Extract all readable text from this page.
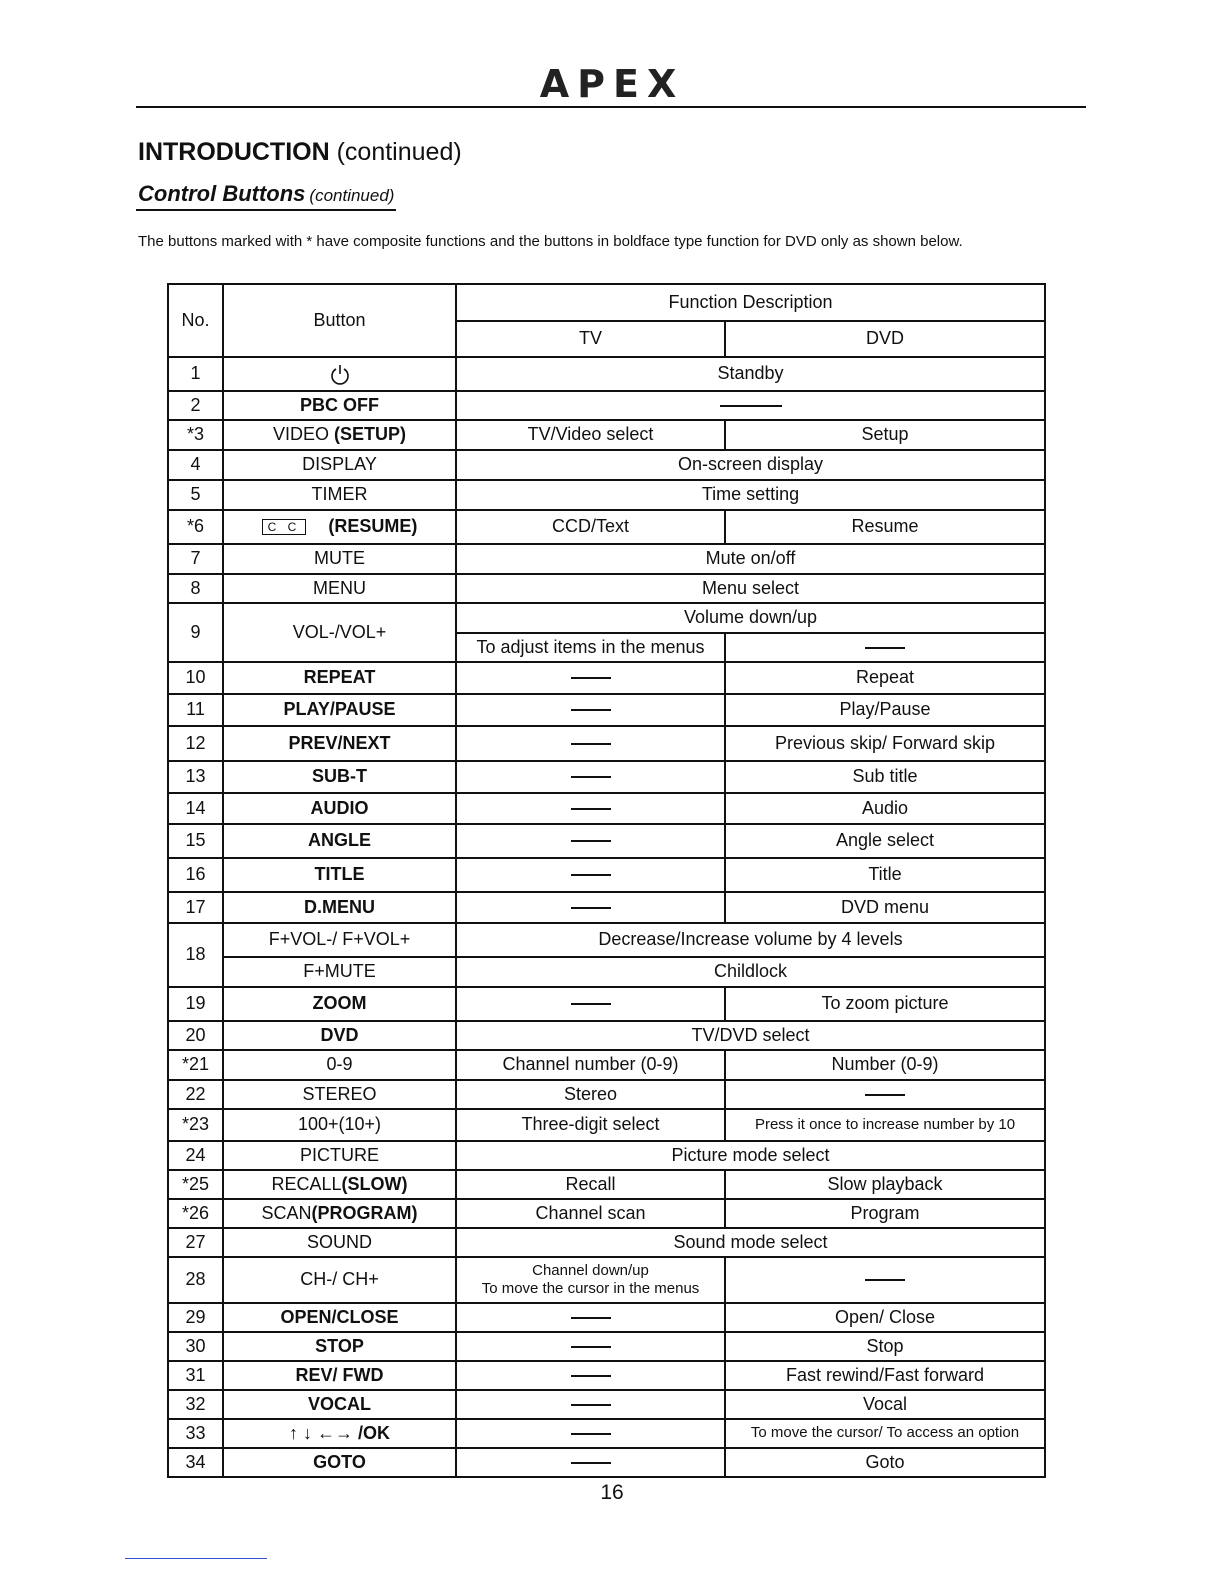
APEX
INTRODUCTION (continued)
Control Buttons (continued)
The buttons marked with * have composite functions and the buttons in boldface type function for DVD only as shown below.
No.	Button	Function Description	
		TV	DVD
1		Standby	
2	PBC OFF		
*3	VIDEO (SETUP)	TV/Video select	Setup
4	DISPLAY	On-screen display	
5	TIMER	Time setting	
*6	C C (RESUME)	CCD/Text	Resume
7	MUTE	Mute on/off	
8	MENU	Menu select	
9	VOL-/VOL+	Volume down/up	
		To adjust items in the menus	
10	REPEAT		Repeat
11	PLAY/PAUSE		Play/Pause
12	PREV/NEXT		Previous skip/ Forward skip
13	SUB-T		Sub title
14	AUDIO		Audio
15	ANGLE		Angle select
16	TITLE		Title
17	D.MENU		DVD menu
18	F+VOL-/ F+VOL+	Decrease/Increase volume by 4 levels	
	F+MUTE	Childlock	
19	ZOOM		To zoom picture
20	DVD	TV/DVD select	
*21	0-9	Channel number (0-9)	Number (0-9)
22	STEREO	Stereo	
*23	100+(10+)	Three-digit select	Press it once to increase number by 10
24	PICTURE	Picture mode select	
*25	RECALL(SLOW)	Recall	Slow playback
*26	SCAN(PROGRAM)	Channel scan	Program
27	SOUND	Sound mode select	
28	CH-/ CH+	Channel down/up
To move the cursor in the menus	

29	OPEN/CLOSE		Open/ Close
30	STOP		Stop
31	REV/ FWD		Fast rewind/Fast forward
32	VOCAL		Vocal
33	↑ ↓ ←→ /OK		To move the cursor/ To access an option
34	GOTO		Goto
16
